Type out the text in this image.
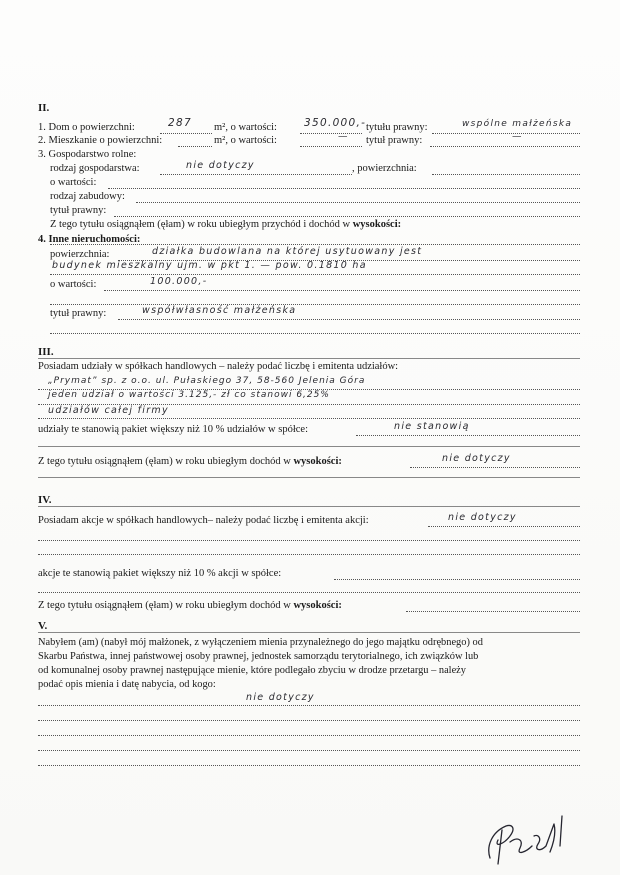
II.
1. Dom o powierzchni:	287 m², o wartości:	350.000,- tytułu prawny:	wspólne małżeńska
2. Mieszkanie o powierzchni:	m², o wartości:	— tytuł prawny:	—
3. Gospodarstwo rolne:
rodzaj gospodarstwa:	nie dotyczy	, powierzchnia:
o wartości:
rodzaj zabudowy:
tytuł prawny:
Z tego tytułu osiągnąłem (ęłam) w roku ubiegłym przychód i dochód w wysokości:
4. Inne nieruchomości:
powierzchnia:	działka budowlana na której usytuowany jest
budynek mieszkalny ujm. w pkt 1. — pow. 0.1810 ha
o wartości:	100.000,-
tytuł prawny:	współwłasność małżeńska
III.
Posiadam udziały w spółkach handlowych – należy podać liczbę i emitenta udziałów:
„Prymat” sp. z o.o. ul. Pułaskiego 37, 58-560 Jelenia Góra
jeden udział o wartości 3.125,- zł co stanowi 6,25%
udziałów całej firmy
udziały te stanowią pakiet większy niż 10 % udziałów w spółce:	nie stanowią
Z tego tytułu osiągnąłem (ęłam) w roku ubiegłym dochód w wysokości:	nie dotyczy
IV.
Posiadam akcje w spółkach handlowych– należy podać liczbę i emitenta akcji:	nie dotyczy
akcje te stanowią pakiet większy niż 10 % akcji w spółce:
Z tego tytułu osiągnąłem (ęłam) w roku ubiegłym dochód w wysokości:
V.
Nabyłem (am) (nabył mój małżonek, z wyłączeniem mienia przynależnego do jego majątku odrębnego) od
Skarbu Państwa, innej państwowej osoby prawnej, jednostek samorządu terytorialnego, ich związków lub
od komunalnej osoby prawnej następujące mienie, które podlegało zbyciu w drodze przetargu – należy
podać opis mienia i datę nabycia, od kogo:
nie dotyczy
